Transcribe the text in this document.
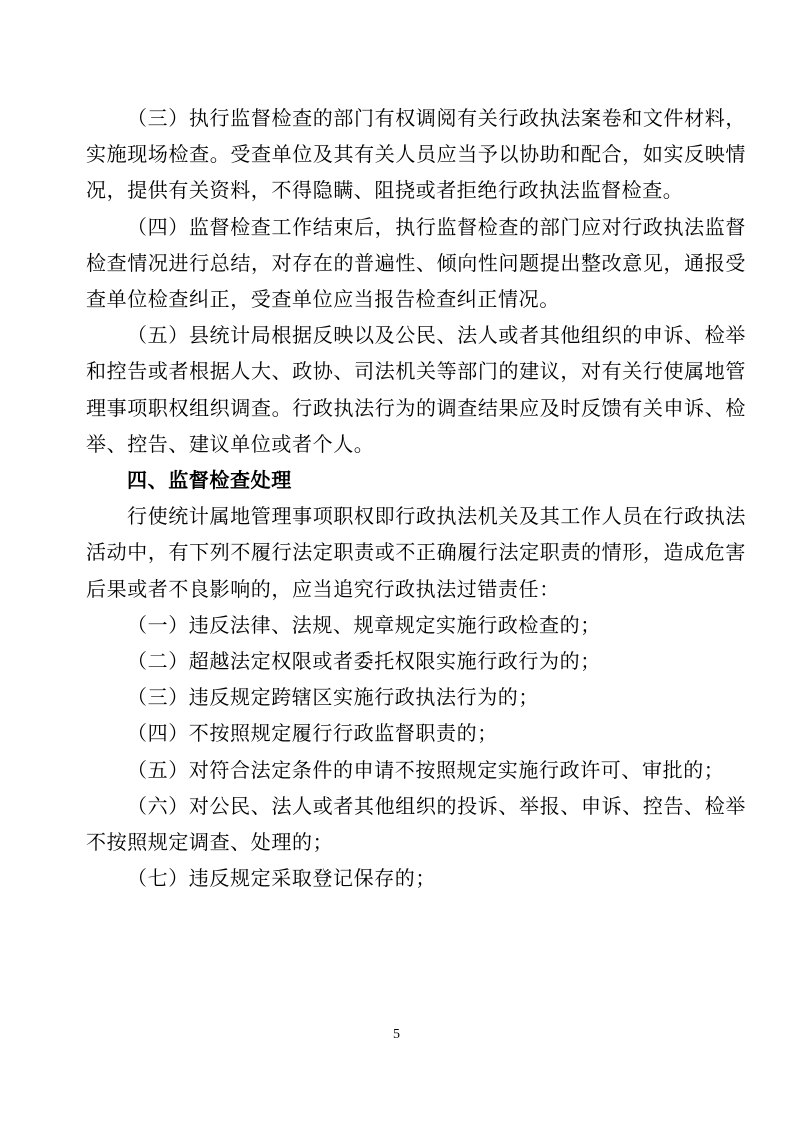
（三）执行监督检查的部门有权调阅有关行政执法案卷和文件材料，实施现场检查。受查单位及其有关人员应当予以协助和配合，如实反映情况，提供有关资料，不得隐瞒、阻挠或者拒绝行政执法监督检查。

（四）监督检查工作结束后，执行监督检查的部门应对行政执法监督检查情况进行总结，对存在的普遍性、倾向性问题提出整改意见，通报受查单位检查纠正，受查单位应当报告检查纠正情况。

（五）县统计局根据反映以及公民、法人或者其他组织的申诉、检举和控告或者根据人大、政协、司法机关等部门的建议，对有关行使属地管理事项职权组织调查。行政执法行为的调查结果应及时反馈有关申诉、检举、控告、建议单位或者个人。

四、监督检查处理

行使统计属地管理事项职权即行政执法机关及其工作人员在行政执法活动中，有下列不履行法定职责或不正确履行法定职责的情形，造成危害后果或者不良影响的，应当追究行政执法过错责任：

（一）违反法律、法规、规章规定实施行政检查的；

（二）超越法定权限或者委托权限实施行政行为的；

（三）违反规定跨辖区实施行政执法行为的；

（四）不按照规定履行行政监督职责的；

（五）对符合法定条件的申请不按照规定实施行政许可、审批的；

（六）对公民、法人或者其他组织的投诉、举报、申诉、控告、检举不按照规定调查、处理的；

（七）违反规定采取登记保存的；

5
